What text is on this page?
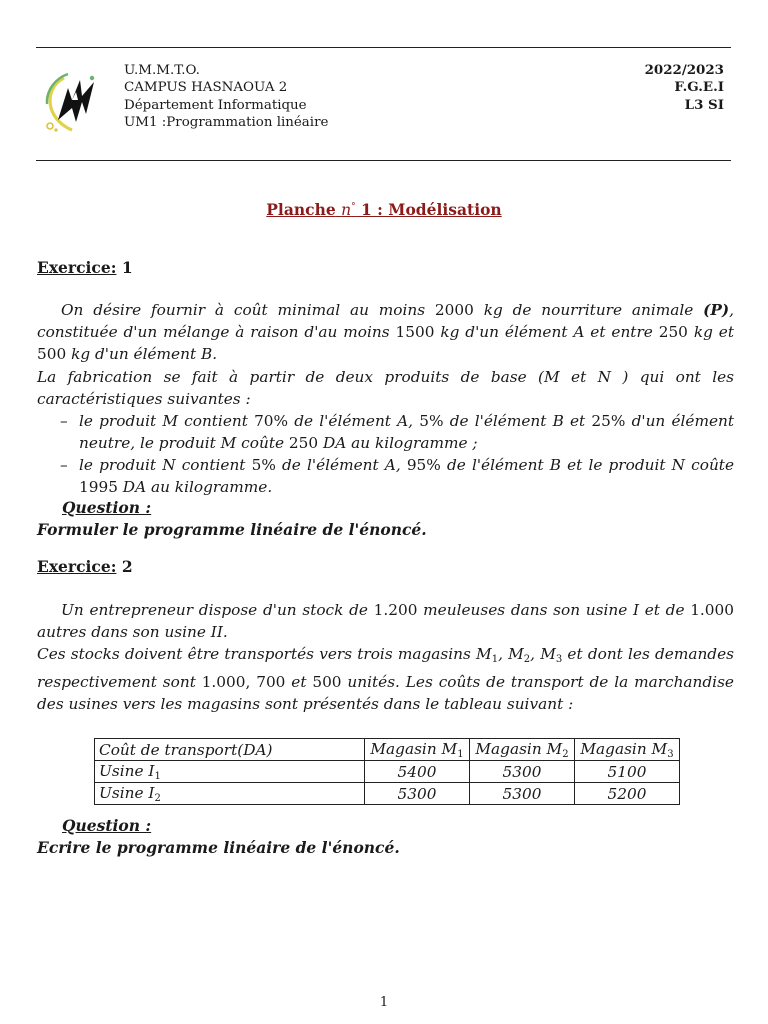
U.M.M.T.O.
CAMPUS HASNAOUA 2
Département Informatique
UM1 :Programmation linéaire
2022/2023
F.G.E.I
L3 SI
Planche n° 1 : Modélisation
Exercice: 1
On désire fournir à coût minimal au moins 2000 kg de nourriture animale (P), constituée d'un mélange à raison d'au moins 1500 kg d'un élément A et entre 250 kg et 500 kg d'un élément B.
La fabrication se fait à partir de deux produits de base (M et N ) qui ont les caractéristiques suivantes :
– le produit M contient 70% de l'élément A, 5% de l'élément B et 25% d'un élément neutre, le produit M coûte 250 DA au kilogramme ;
– le produit N contient 5% de l'élément A, 95% de l'élément B et le produit N coûte 1995 DA au kilogramme.
Question :
Formuler le programme linéaire de l'énoncé.
Exercice: 2
Un entrepreneur dispose d'un stock de 1.200 meuleuses dans son usine I et de 1.000 autres dans son usine II.
Ces stocks doivent être transportés vers trois magasins $M_1$, $M_2$, $M_3$ et dont les demandes respectivement sont 1.000, 700 et 500 unités. Les coûts de transport de la marchandise des usines vers les magasins sont présentés dans le tableau suivant :
Coût de transport(DA)	Magasin $M_1$	Magasin $M_2$	Magasin $M_3$
Usine $I_1$	5400	5300	5100
Usine $I_2$	5300	5300	5200
Question :
Ecrire le programme linéaire de l'énoncé.
1
